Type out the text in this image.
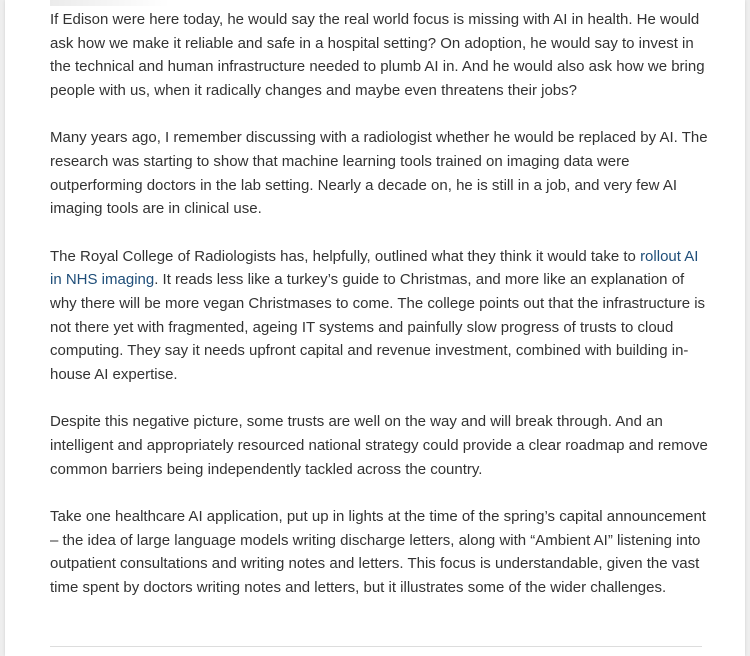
If Edison were here today, he would say the real world focus is missing with AI in health. He would ask how we make it reliable and safe in a hospital setting? On adoption, he would say to invest in the technical and human infrastructure needed to plumb AI in. And he would also ask how we bring people with us, when it radically changes and maybe even threatens their jobs?

Many years ago, I remember discussing with a radiologist whether he would be replaced by AI. The research was starting to show that machine learning tools trained on imaging data were outperforming doctors in the lab setting. Nearly a decade on, he is still in a job, and very few AI imaging tools are in clinical use.

The Royal College of Radiologists has, helpfully, outlined what they think it would take to rollout AI in NHS imaging. It reads less like a turkey’s guide to Christmas, and more like an explanation of why there will be more vegan Christmases to come. The college points out that the infrastructure is not there yet with fragmented, ageing IT systems and painfully slow progress of trusts to cloud computing. They say it needs upfront capital and revenue investment, combined with building in-house AI expertise.

Despite this negative picture, some trusts are well on the way and will break through. And an intelligent and appropriately resourced national strategy could provide a clear roadmap and remove common barriers being independently tackled across the country.

Take one healthcare AI application, put up in lights at the time of the spring’s capital announcement – the idea of large language models writing discharge letters, along with “Ambient AI” listening into outpatient consultations and writing notes and letters. This focus is understandable, given the vast time spent by doctors writing notes and letters, but it illustrates some of the wider challenges.
